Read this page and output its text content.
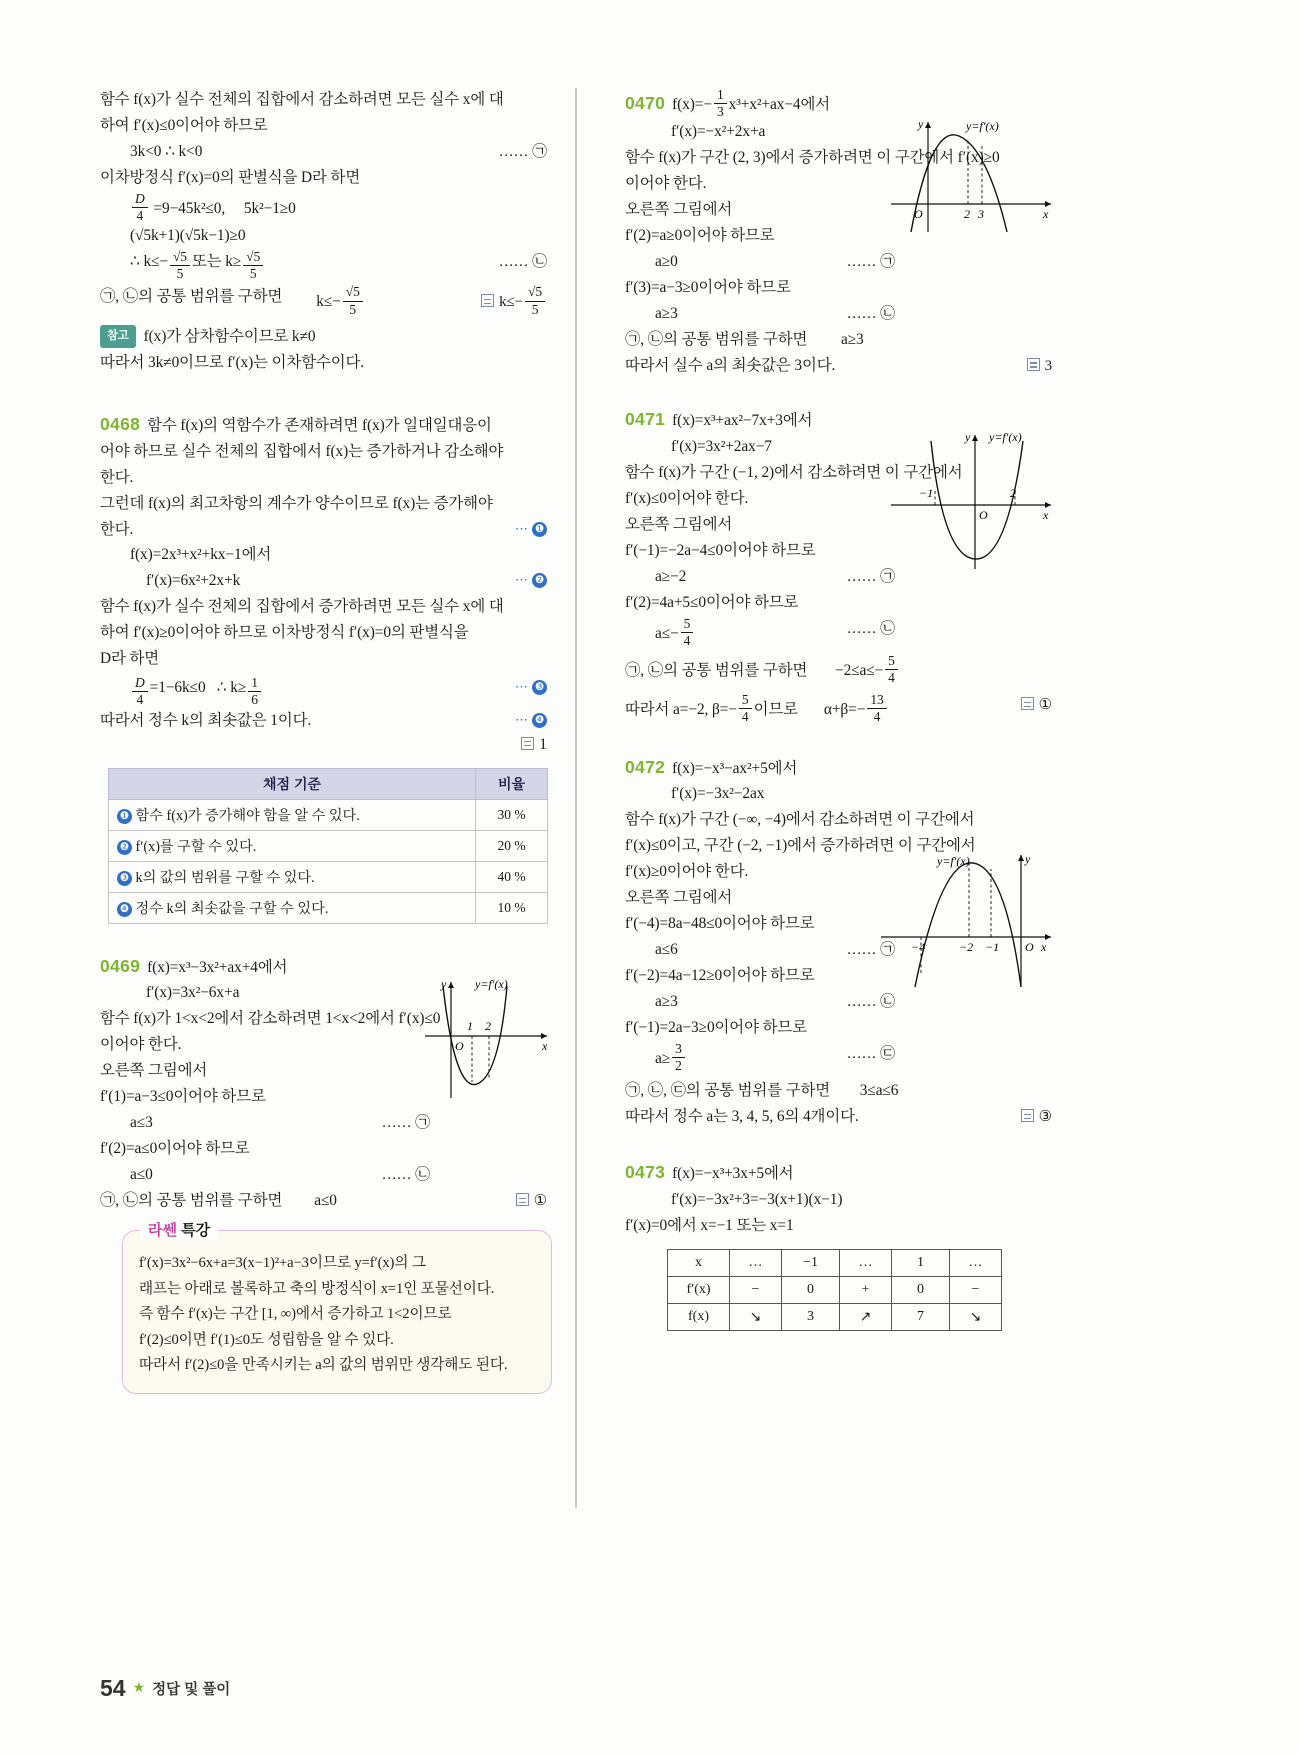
함수 f(x)가 실수 전체의 집합에서 감소하려면 모든 실수 x에 대
하여 f′(x)≤0이어야 하므로
3k<0 ∴ k<0	…… ㉠
이차방정식 f′(x)=0의 판별식을 D라 하면
$\frac{D}{4} =9-45k^2\le 0$, 5k²−1≥0
(√5k+1)(√5k−1)≥0
∴ $k\le- \frac{√5}{5}$ 또는 $k\ge \frac{√5}{5}$	…… ㉡
㉠, ㉡의 공통 범위를 구하면 $k\le- \frac{√5}{5}$	$k\le- \frac{√5}{5}$
참고 f(x)가 삼차함수이므로 k≠0
따라서 3k≠0이므로 f′(x)는 이차함수이다.
0468 함수 f(x)의 역함수가 존재하려면 f(x)가 일대일대응이
어야 하므로 실수 전체의 집합에서 f(x)는 증가하거나 감소해야
한다.
그런데 f(x)의 최고차항의 계수가 양수이므로 f(x)는 증가해야
한다.	⋯ ❶
f(x)=2x³+x²+kx−1에서
f′(x)=6x²+2x+k	⋯ ❷
함수 f(x)가 실수 전체의 집합에서 증가하려면 모든 실수 x에 대
하여 f′(x)≥0이어야 하므로 이차방정식 f′(x)=0의 판별식을
D라 하면
$\frac{D}{4} =1-6k\le 0$
∴ $k\ge \frac{1}{6}$	⋯ ❸
따라서 정수 k의 최솟값은 1이다.	⋯ ❹
1
채점 기준	비율
❶ 함수 f(x)가 증가해야 함을 알 수 있다.	30 %
❷ f′(x)를 구할 수 있다.	20 %
❸ k의 값의 범위를 구할 수 있다.	40 %
❹ 정수 k의 최솟값을 구할 수 있다.	10 %
0469 f(x)=x³−3x²+ax+4에서
f′(x)=3x²−6x+a
함수 f(x)가 1<x<2에서 감소하려면 1<x<2에서 f′(x)≤0
이어야 한다.
오른쪽 그림에서
f′(1)=a−3≤0이어야 하므로
a≤3	…… ㉠
f′(2)=a≤0이어야 하므로
a≤0	…… ㉡
㉠, ㉡의 공통 범위를 구하면 a≤0	①
O
1 2
x
y y=f′(x)
라쎈 특강
f′(x)=3x²−6x+a=3(x−1)²+a−3이므로 y=f′(x)의 그
래프는 아래로 볼록하고 축의 방정식이 x=1인 포물선이다.
즉 함수 f′(x)는 구간 [1, ∞)에서 증가하고 1<2이므로
f′(2)≤0이면 f′(1)≤0도 성립함을 알 수 있다.
따라서 f′(2)≤0을 만족시키는 a의 값의 범위만 생각해도 된다.
0470 $f(x)=- \frac{1}{3} x^3+x^2+ax-4$에서
f′(x)=−x²+2x+a
함수 f(x)가 구간 (2, 3)에서 증가하려면 이 구간에서 f′(x)≥0
이어야 한다.
오른쪽 그림에서
f′(2)=a≥0이어야 하므로
a≥0	…… ㉠
f′(3)=a−3≥0이어야 하므로
a≥3	…… ㉡
㉠, ㉡의 공통 범위를 구하면 a≥3
따라서 실수 a의 최솟값은 3이다.	3
O	2 3	x
y	y=f′(x)
0471 f(x)=x³+ax²−7x+3에서
f′(x)=3x²+2ax−7
함수 f(x)가 구간 (−1, 2)에서 감소하려면 이 구간에서
f′(x)≤0이어야 한다.
오른쪽 그림에서
f′(−1)=−2a−4≤0이어야 하므로
a≥−2	…… ㉠
f′(2)=4a+5≤0이어야 하므로
$a\le- \frac{5}{4}$	…… ㉡
㉠, ㉡의 공통 범위를 구하면 $-2\le a\le- \frac{5}{4}$
따라서 a=−2, $\beta=- \frac{5}{4}$ 이므로 $\alpha+\beta=- \frac{13}{4}$	①
−1	2
O	x
y y=f′(x)
0472 f(x)=−x³−ax²+5에서
f′(x)=−3x²−2ax
함수 f(x)가 구간 (−∞, −4)에서 감소하려면 이 구간에서
f′(x)≤0이고, 구간 (−2, −1)에서 증가하려면 이 구간에서
f′(x)≥0이어야 한다.
오른쪽 그림에서
f′(−4)=8a−48≤0이어야 하므로
a≤6	…… ㉠
f′(−2)=4a−12≥0이어야 하므로
a≥3	…… ㉡
f′(−1)=2a−3≥0이어야 하므로
$a\ge \frac{3}{2}$	…… ㉢
㉠, ㉡, ㉢의 공통 범위를 구하면 3≤a≤6
따라서 정수 a는 3, 4, 5, 6의 4개이다.	③
−4	−2 −1 O x
y
y=f′(x)
0473 f(x)=−x³+3x+5에서
f′(x)=−3x²+3=−3(x+1)(x−1)
f′(x)=0에서 x=−1 또는 x=1
x	…	−1	…	1	…
f′(x)	−	0	+	0	−
f(x)	↘	3	↗	7	↘
54 ★ 정답 및 풀이
